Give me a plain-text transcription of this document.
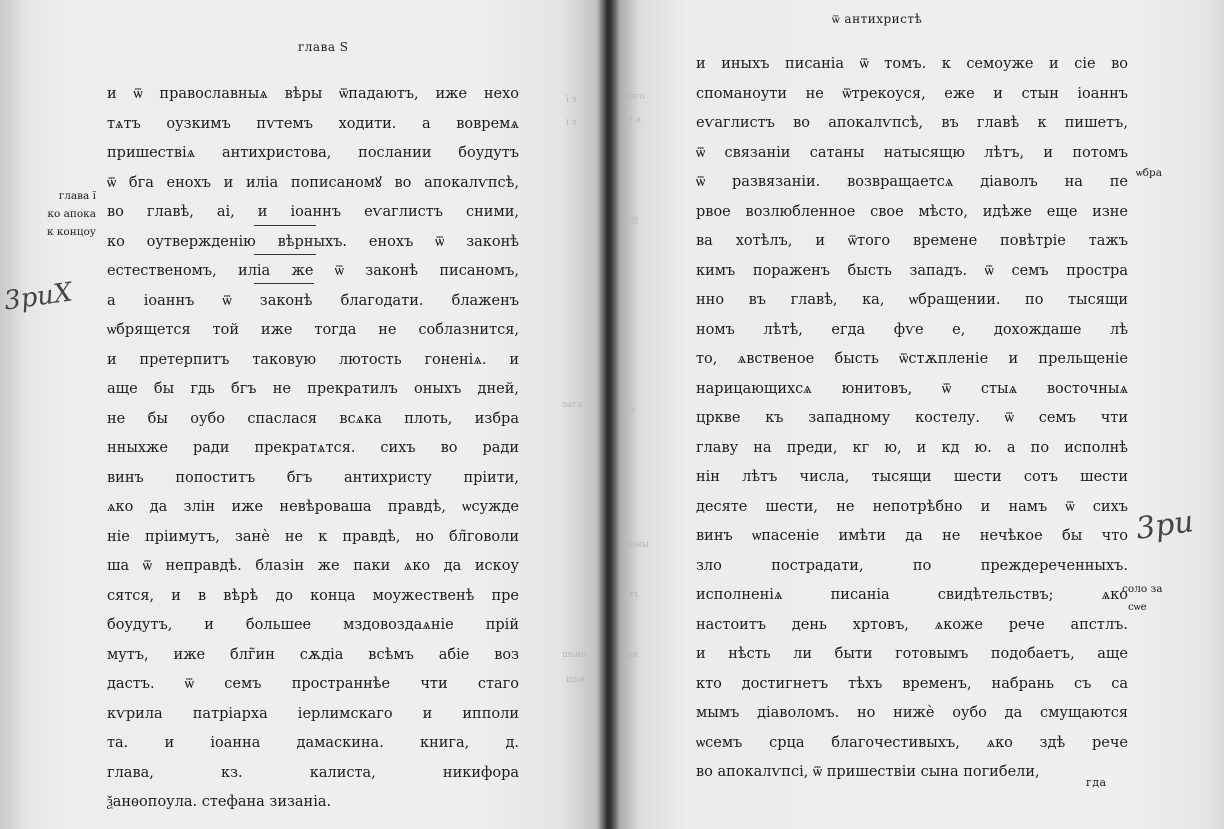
глава Ѕ
глава ї
ко апока
к концоу
3рuX
и ѿ православныѧ вѣры ѿпадаютъ, иже нехо
тѧтъ оузкимъ пѵтемъ ходити. а вовремѧ
пришествіѧ антихристова, послании боудутъ
ѿ бга енохъ и иліа пописаномꙋ во апокалѵпсѣ,
во главѣ, аі, и іоаннъ еѵаглистъ сними,
ко оутвержденію вѣрныхъ. енохъ ѿ законѣ
естественомъ, иліа же ѿ законѣ писаномъ,
а іоаннъ ѿ законѣ благодати. блаженъ
ѡбрящется той иже тогда не соблазнится,
и претерпитъ таковую лютость гоненіѧ. и
аще бы гдь бгъ не прекратилъ оныхъ дней,
не бы оубо спаслася всѧка плоть, избра
нныхже ради прекратѧтся. сихъ во ради
винъ попоститъ бгъ антихристу пріити,
ѧко да злін иже невѣроваша правдѣ, ѡсужде
ніе пріимутъ, занѐ не к правдѣ, но бл̃говоли
ша ѿ неправдѣ. блазін же паки ѧко да искоу
сятся, и в вѣрѣ до конца моужественѣ пре
боудутъ, и большее мздовоздаѧніе прій
мутъ, иже блг̃ин сѫдіа всѣмъ абіе воз
дастъ. ѿ семъ пространнѣе чти стаго
кѵрила патріарха іерлимскаго и ипполи
та. и іоанна дамаскина. книга, д.
глава, кз. калиста, никифора
ѯанѳопоула. стефана зизаніа.
ї з
ї з
зага
шьно
шьи
ѿ антихристѣ
вого
з а
ду
з
лгоны
гі
тыи
и иныхъ писаніа ѿ томъ. к семоуже и сіе во
споманоути не ѿтрекоуся, еже и стын іоаннъ
еѵаглистъ во апокалѵпсѣ, въ главѣ к пишетъ,
ѿ связаніи сатаны натысящю лѣтъ, и потомъ
ѿ развязаніи. возвращаетсѧ діаволъ на пе
рвое возлюбленное свое мѣсто, идѣже еще изне
ва хотѣлъ, и ѿтого времене повѣтріе тажъ
кимъ пораженъ бысть западъ. ѿ семъ простра
нно въ главѣ, ка, ѡбращении. по тысящи
номъ лѣтѣ, егда фѵе е, дохождаше лѣ
то, ѧвственое бысть ѿстѫпленіе и прельщеніе
нарицающихсѧ юнитовъ, ѿ стыѧ восточныѧ
цркве къ западному костелу. ѿ семъ чти
главу на преди, кг ю, и кд ю. а по исполнѣ
нін лѣтъ числа, тысящи шести сотъ шести
десяте шести, не непотрѣбно и намъ ѿ сихъ
винъ ѡпасеніе имѣти да не нечѣкое бы что
зло пострадати, по преждереченныхъ.
исполненіѧ писаніа свидѣтельствъ; ѧко
настоитъ день хртовъ, ѧкоже рече апстлъ.
и нѣсть ли быти готовымъ подобаетъ, аще
кто достигнетъ тѣхъ временъ, набрань съ са
мымъ діаволомъ. но нижѐ оубо да смущаются
ѡсемъ срца благочестивыхъ, ѧко здѣ рече
во апокалѵпсі, ѿ пришествіи сына погибели,
ѡбра
соло за
сѡе
3pu
гда
